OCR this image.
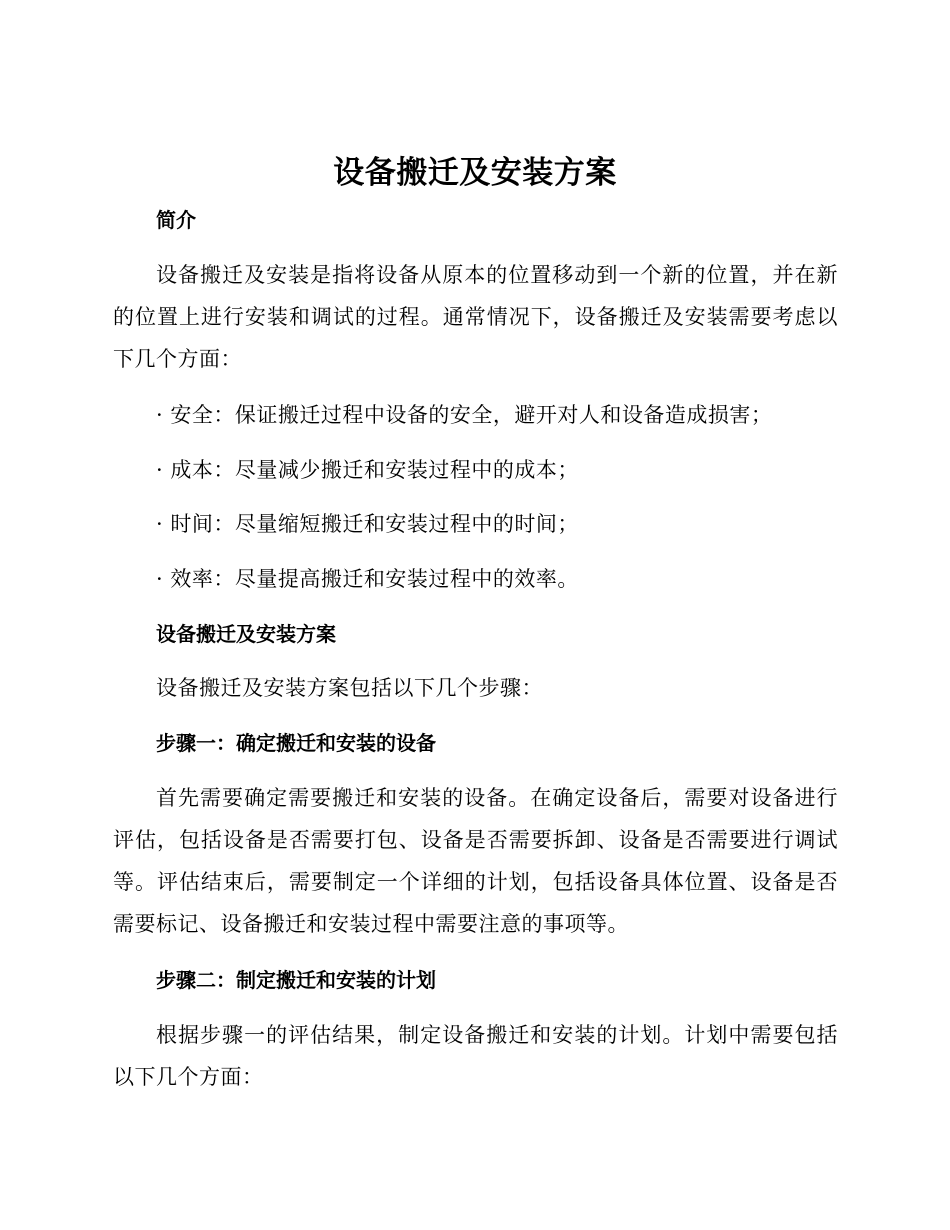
设备搬迁及安装方案
简介
设备搬迁及安装是指将设备从原本的位置移动到一个新的位置，并在新的位置上进行安装和调试的过程。通常情况下，设备搬迁及安装需要考虑以下几个方面：
· 安全：保证搬迁过程中设备的安全，避开对人和设备造成损害；
· 成本：尽量减少搬迁和安装过程中的成本；
· 时间：尽量缩短搬迁和安装过程中的时间；
· 效率：尽量提高搬迁和安装过程中的效率。
设备搬迁及安装方案
设备搬迁及安装方案包括以下几个步骤：
步骤一：确定搬迁和安装的设备
首先需要确定需要搬迁和安装的设备。在确定设备后，需要对设备进行评估，包括设备是否需要打包、设备是否需要拆卸、设备是否需要进行调试等。评估结束后，需要制定一个详细的计划，包括设备具体位置、设备是否需要标记、设备搬迁和安装过程中需要注意的事项等。
步骤二：制定搬迁和安装的计划
根据步骤一的评估结果，制定设备搬迁和安装的计划。计划中需要包括以下几个方面：
